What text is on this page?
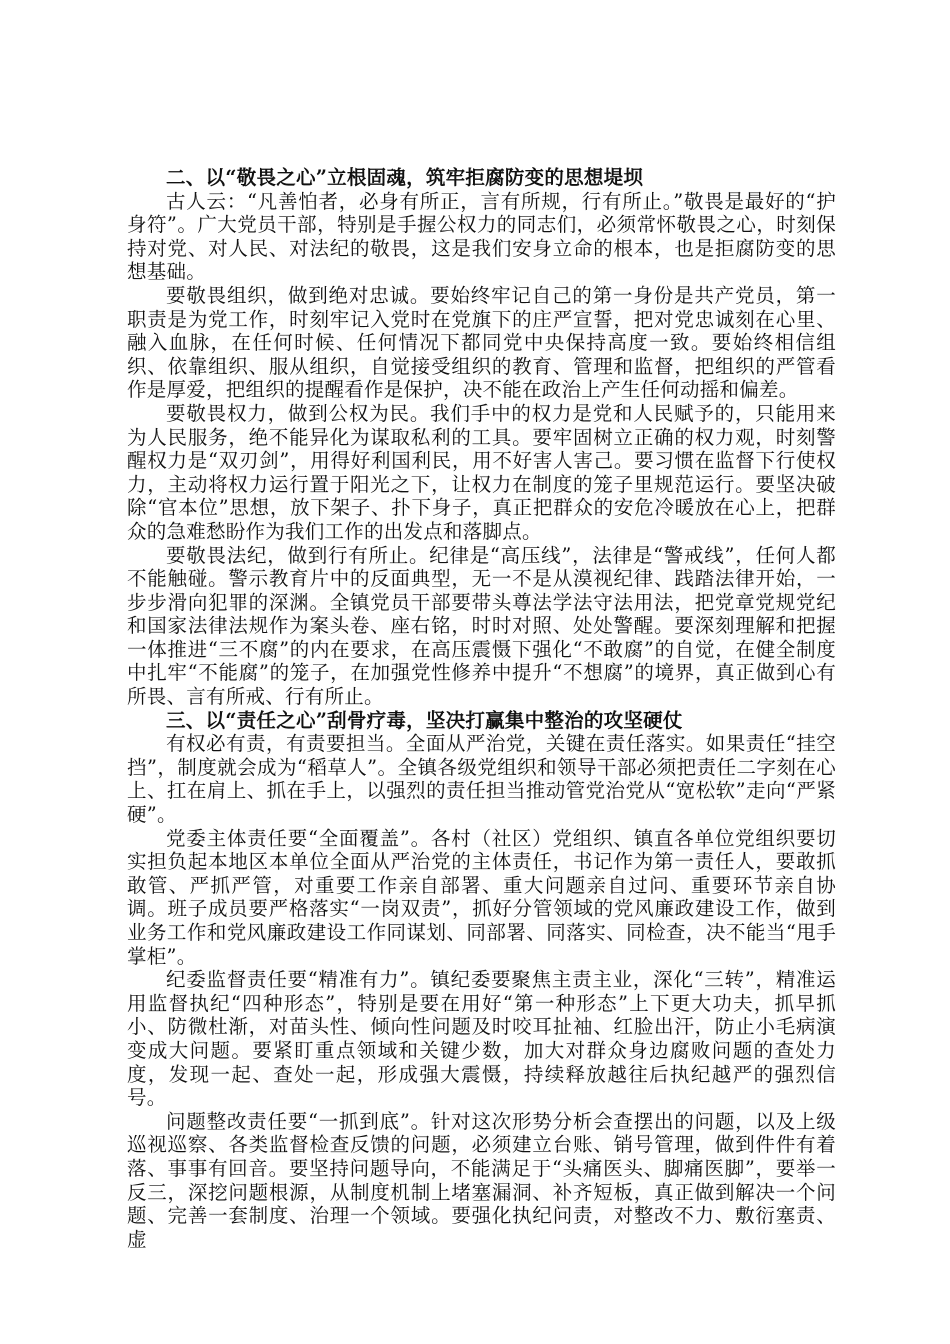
二、以“敬畏之心”立根固魂，筑牢拒腐防变的思想堤坝

古人云：“凡善怕者，必身有所正，言有所规，行有所止。”敬畏是最好的“护身符”。广大党员干部，特别是手握公权力的同志们，必须常怀敬畏之心，时刻保持对党、对人民、对法纪的敬畏，这是我们安身立命的根本，也是拒腐防变的思想基础。

要敬畏组织，做到绝对忠诚。要始终牢记自己的第一身份是共产党员，第一职责是为党工作，时刻牢记入党时在党旗下的庄严宣誓，把对党忠诚刻在心里、融入血脉，在任何时候、任何情况下都同党中央保持高度一致。要始终相信组织、依靠组织、服从组织，自觉接受组织的教育、管理和监督，把组织的严管看作是厚爱，把组织的提醒看作是保护，决不能在政治上产生任何动摇和偏差。

要敬畏权力，做到公权为民。我们手中的权力是党和人民赋予的，只能用来为人民服务，绝不能异化为谋取私利的工具。要牢固树立正确的权力观，时刻警醒权力是“双刃剑”，用得好利国利民，用不好害人害己。要习惯在监督下行使权力，主动将权力运行置于阳光之下，让权力在制度的笼子里规范运行。要坚决破除“官本位”思想，放下架子、扑下身子，真正把群众的安危冷暖放在心上，把群众的急难愁盼作为我们工作的出发点和落脚点。

要敬畏法纪，做到行有所止。纪律是“高压线”，法律是“警戒线”，任何人都不能触碰。警示教育片中的反面典型，无一不是从漠视纪律、践踏法律开始，一步步滑向犯罪的深渊。全镇党员干部要带头尊法学法守法用法，把党章党规党纪和国家法律法规作为案头卷、座右铭，时时对照、处处警醒。要深刻理解和把握一体推进“三不腐”的内在要求，在高压震慑下强化“不敢腐”的自觉，在健全制度中扎牢“不能腐”的笼子，在加强党性修养中提升“不想腐”的境界，真正做到心有所畏、言有所戒、行有所止。

三、以“责任之心”刮骨疗毒，坚决打赢集中整治的攻坚硬仗

有权必有责，有责要担当。全面从严治党，关键在责任落实。如果责任“挂空挡”，制度就会成为“稻草人”。全镇各级党组织和领导干部必须把责任二字刻在心上、扛在肩上、抓在手上，以强烈的责任担当推动管党治党从“宽松软”走向“严紧硬”。

党委主体责任要“全面覆盖”。各村（社区）党组织、镇直各单位党组织要切实担负起本地区本单位全面从严治党的主体责任，书记作为第一责任人，要敢抓敢管、严抓严管，对重要工作亲自部署、重大问题亲自过问、重要环节亲自协调。班子成员要严格落实“一岗双责”，抓好分管领域的党风廉政建设工作，做到业务工作和党风廉政建设工作同谋划、同部署、同落实、同检查，决不能当“甩手掌柜”。

纪委监督责任要“精准有力”。镇纪委要聚焦主责主业，深化“三转”，精准运用监督执纪“四种形态”，特别是要在用好“第一种形态”上下更大功夫，抓早抓小、防微杜渐，对苗头性、倾向性问题及时咬耳扯袖、红脸出汗，防止小毛病演变成大问题。要紧盯重点领域和关键少数，加大对群众身边腐败问题的查处力度，发现一起、查处一起，形成强大震慑，持续释放越往后执纪越严的强烈信号。

问题整改责任要“一抓到底”。针对这次形势分析会查摆出的问题，以及上级巡视巡察、各类监督检查反馈的问题，必须建立台账、销号管理，做到件件有着落、事事有回音。要坚持问题导向，不能满足于“头痛医头、脚痛医脚”，要举一反三，深挖问题根源，从制度机制上堵塞漏洞、补齐短板，真正做到解决一个问题、完善一套制度、治理一个领域。要强化执纪问责，对整改不力、敷衍塞责、虚
